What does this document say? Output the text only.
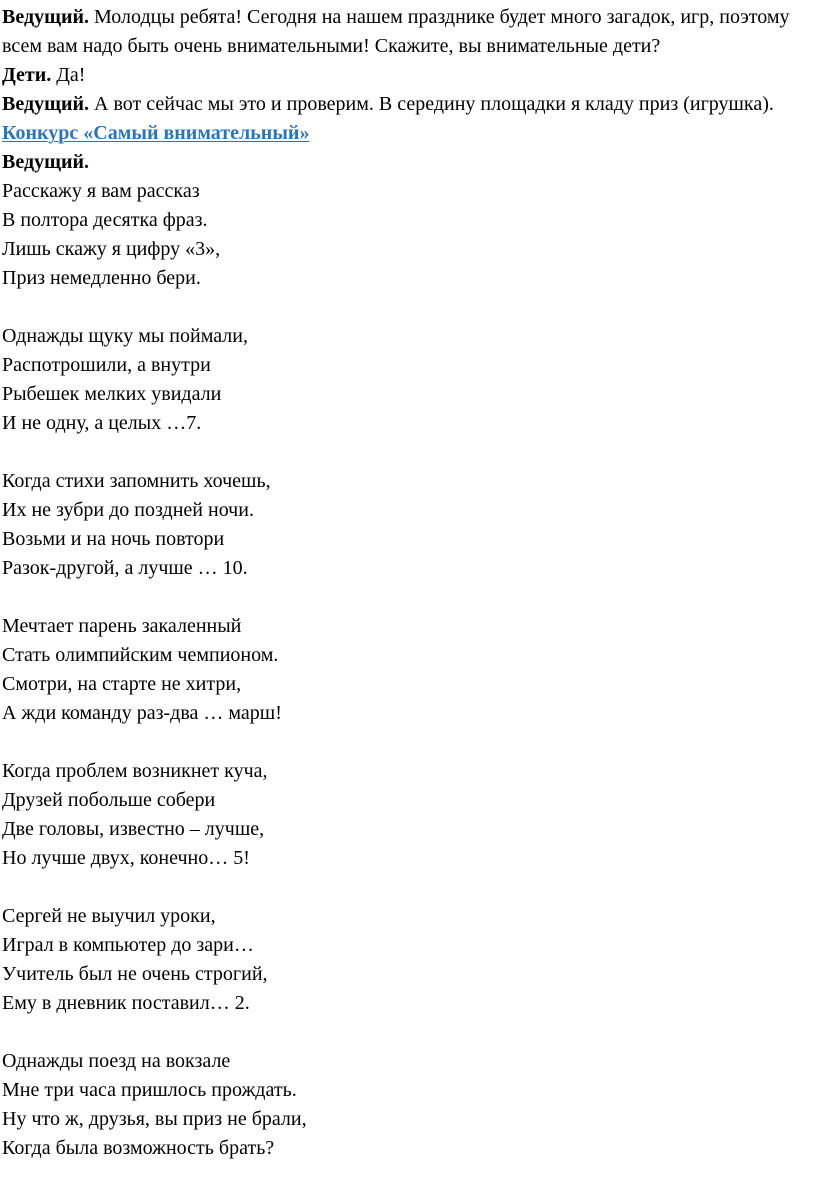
Ведущий. Молодцы ребята! Сегодня на нашем празднике будет много загадок, игр, поэтому всем вам надо быть очень внимательными! Скажите, вы внимательные дети?

Дети. Да!

Ведущий. А вот сейчас мы это и проверим. В середину площадки я кладу приз (игрушка).

Конкурс «Самый внимательный»

Ведущий.

Расскажу я вам рассказ
В полтора десятка фраз.
Лишь скажу я цифру «3»,
Приз немедленно бери.
Однажды щуку мы поймали,
Распотрошили, а внутри
Рыбешек мелких увидали
И не одну, а целых …7.
Когда стихи запомнить хочешь,
Их не зубри до поздней ночи.
Возьми и на ночь повтори
Разок-другой, а лучше … 10.
Мечтает парень закаленный
Стать олимпийским чемпионом.
Смотри, на старте не хитри,
А жди команду раз-два … марш!
Когда проблем возникнет куча,
Друзей побольше собери
Две головы, известно – лучше,
Но лучше двух, конечно… 5!
Сергей не выучил уроки,
Играл в компьютер до зари…
Учитель был не очень строгий,
Ему в дневник поставил… 2.
Однажды поезд на вокзале
Мне три часа пришлось прождать.
Ну что ж, друзья, вы приз не брали,
Когда была возможность брать?
